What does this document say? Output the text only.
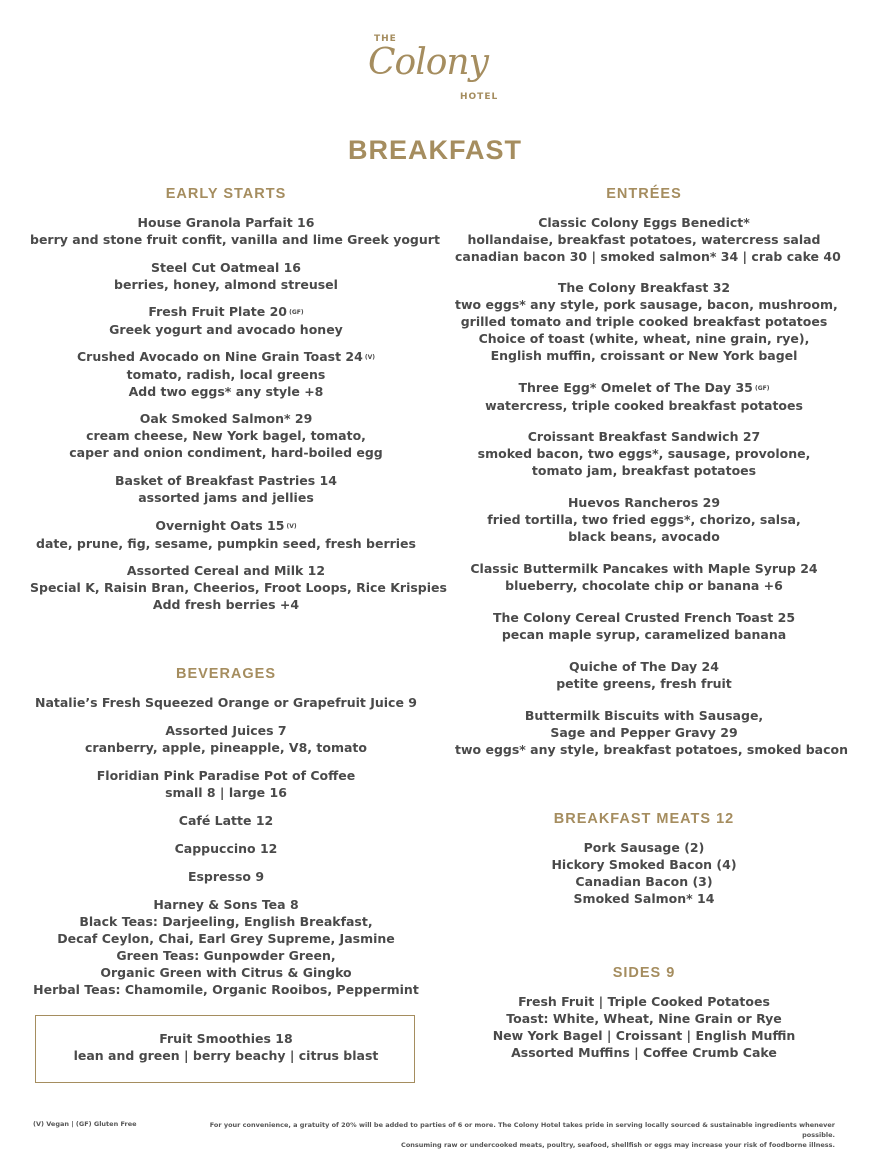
THE
Colony
HOTEL
BREAKFAST
EARLY STARTS
House Granola Parfait 16
berry and stone fruit confit, vanilla and lime Greek yogurt
Steel Cut Oatmeal 16
berries, honey, almond streusel
Fresh Fruit Plate 20 (GF)
Greek yogurt and avocado honey
Crushed Avocado on Nine Grain Toast 24 (V)
tomato, radish, local greens
Add two eggs* any style +8
Oak Smoked Salmon* 29
cream cheese, New York bagel, tomato,
caper and onion condiment, hard-boiled egg
Basket of Breakfast Pastries 14
assorted jams and jellies
Overnight Oats 15 (V)
date, prune, fig, sesame, pumpkin seed, fresh berries
Assorted Cereal and Milk 12
Special K, Raisin Bran, Cheerios, Froot Loops, Rice Krispies
Add fresh berries +4
BEVERAGES
Natalie’s Fresh Squeezed Orange or Grapefruit Juice 9
Assorted Juices 7
cranberry, apple, pineapple, V8, tomato
Floridian Pink Paradise Pot of Coffee
small 8 | large 16
Café Latte 12
Cappuccino 12
Espresso 9
Harney & Sons Tea 8
Black Teas: Darjeeling, English Breakfast,
Decaf Ceylon, Chai, Earl Grey Supreme, Jasmine
Green Teas: Gunpowder Green,
Organic Green with Citrus & Gingko
Herbal Teas: Chamomile, Organic Rooibos, Peppermint
Fruit Smoothies 18
lean and green | berry beachy | citrus blast
ENTRÉES
Classic Colony Eggs Benedict*
hollandaise, breakfast potatoes, watercress salad
canadian bacon 30 | smoked salmon* 34 | crab cake 40
The Colony Breakfast 32
two eggs* any style, pork sausage, bacon, mushroom,
grilled tomato and triple cooked breakfast potatoes
Choice of toast (white, wheat, nine grain, rye),
English muffin, croissant or New York bagel
Three Egg* Omelet of The Day 35 (GF)
watercress, triple cooked breakfast potatoes
Croissant Breakfast Sandwich 27
smoked bacon, two eggs*, sausage, provolone,
tomato jam, breakfast potatoes
Huevos Rancheros 29
fried tortilla, two fried eggs*, chorizo, salsa,
black beans, avocado
Classic Buttermilk Pancakes with Maple Syrup 24
blueberry, chocolate chip or banana +6
The Colony Cereal Crusted French Toast 25
pecan maple syrup, caramelized banana
Quiche of The Day 24
petite greens, fresh fruit
Buttermilk Biscuits with Sausage,
Sage and Pepper Gravy 29
two eggs* any style, breakfast potatoes, smoked bacon
BREAKFAST MEATS 12
Pork Sausage (2)
Hickory Smoked Bacon (4)
Canadian Bacon (3)
Smoked Salmon* 14
SIDES 9
Fresh Fruit | Triple Cooked Potatoes
Toast: White, Wheat, Nine Grain or Rye
New York Bagel | Croissant | English Muffin
Assorted Muffins | Coffee Crumb Cake
(V) Vegan | (GF) Gluten Free	For your convenience, a gratuity of 20% will be added to parties of 6 or more. The Colony Hotel takes pride in serving locally sourced & sustainable ingredients whenever possible.
Consuming raw or undercooked meats, poultry, seafood, shellfish or eggs may increase your risk of foodborne illness.
